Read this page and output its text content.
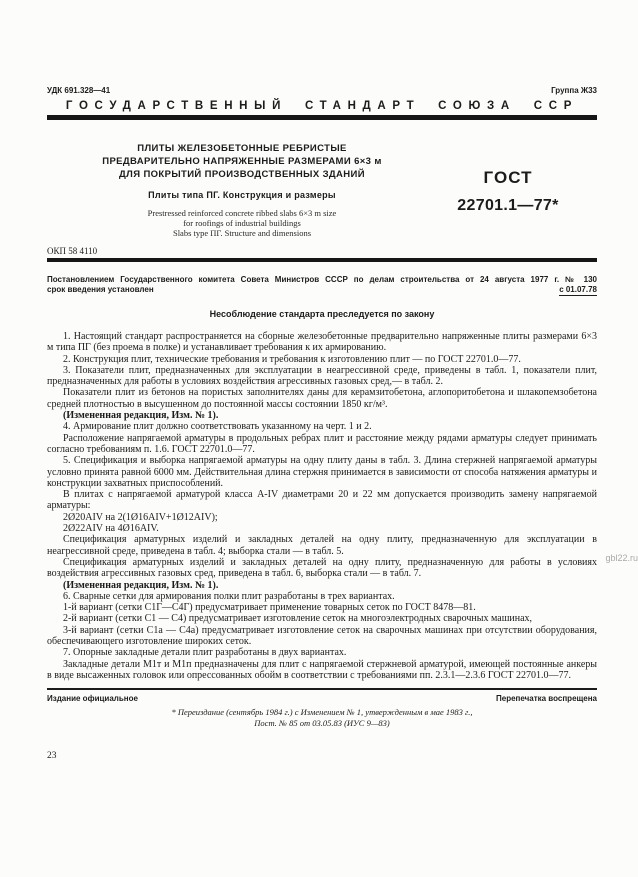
УДК 691.328—41	Группа Ж33
ГОСУДАРСТВЕННЫЙ СТАНДАРТ СОЮЗА ССР
ПЛИТЫ ЖЕЛЕЗОБЕТОННЫЕ РЕБРИСТЫЕ
ПРЕДВАРИТЕЛЬНО НАПРЯЖЕННЫЕ РАЗМЕРАМИ 6×3 м
ДЛЯ ПОКРЫТИЙ ПРОИЗВОДСТВЕННЫХ ЗДАНИЙ
Плиты типа ПГ. Конструкция и размеры
Prestressed reinforced concrete ribbed slabs 6×3 m size
for roofings of industrial buildings
Slabs type ПГ. Structure and dimensions
ГОСТ
22701.1—77*
ОКП 58 4110
Постановлением Государственного комитета Совета Министров СССР по делам строительства от 24 августа 1977 г. № 130
срок введения установлен	с 01.07.78
Несоблюдение стандарта преследуется по закону

1. Настоящий стандарт распространяется на сборные железобетонные предварительно напряженные плиты размерами 6×3 м типа ПГ (без проема в полке) и устанавливает требования к их армированию.

2. Конструкция плит, технические требования и требования к изготовлению плит — по ГОСТ 22701.0—77.

3. Показатели плит, предназначенных для эксплуатации в неагрессивной среде, приведены в табл. 1, показатели плит, предназначенных для работы в условиях воздействия агрессивных газовых сред,— в табл. 2.

Показатели плит из бетонов на пористых заполнителях даны для керамзитобетона, аглопоритобетона и шлакопемзобетона средней плотностью в высушенном до постоянной массы состоянии 1850 кг/м³.

(Измененная редакция, Изм. № 1).

4. Армирование плит должно соответствовать указанному на черт. 1 и 2.

Расположение напрягаемой арматуры в продольных ребрах плит и расстояние между рядами арматуры следует принимать согласно требованиям п. 1.6. ГОСТ 22701.0—77.

5. Спецификация и выборка напрягаемой арматуры на одну плиту даны в табл. 3. Длина стержней напрягаемой арматуры условно принята равной 6000 мм. Действительная длина стержня принимается в зависимости от способа натяжения арматуры и конструкции захватных приспособлений.

В плитах с напрягаемой арматурой класса А-IV диаметрами 20 и 22 мм допускается производить замену напрягаемой арматуры:

2Ø20АIV на 2(1Ø16АIV+1Ø12АIV);

2Ø22АIV на 4Ø16АIV.

Спецификация арматурных изделий и закладных деталей на одну плиту, предназначенную для эксплуатации в неагрессивной среде, приведена в табл. 4; выборка стали — в табл. 5.

Спецификация арматурных изделий и закладных деталей на одну плиту, предназначенную для работы в условиях воздействия агрессивных газовых сред, приведена в табл. 6, выборка стали — в табл. 7.

(Измененная редакция, Изм. № 1).

6. Сварные сетки для армирования полки плит разработаны в трех вариантах.

1-й вариант (сетки С1Г—С4Г) предусматривает применение товарных сеток по ГОСТ 8478—81.

2-й вариант (сетки С1 — С4) предусматривает изготовление сеток на многоэлектродных сварочных машинах,

3-й вариант (сетки С1а — С4а) предусматривает изготовление сеток на сварочных машинах при отсутствии оборудования, обеспечивающего изготовление широких сеток.

7. Опорные закладные детали плит разработаны в двух вариантах.

Закладные детали М1т и М1п предназначены для плит с напрягаемой стержневой арматурой, имеющей постоянные анкеры в виде высаженных головок или опрессованных обойм в соответствии с требованиями пп. 2.3.1—2.3.6 ГОСТ 22701.0—77.

Издание официальное	Перепечатка воспрещена
* Переиздание (сентябрь 1984 г.) с Изменением № 1, утвержденным в мае 1983 г.,
Пост. № 85 от 03.05.83 (ИУС 9—83)
23
gbl22.ru
